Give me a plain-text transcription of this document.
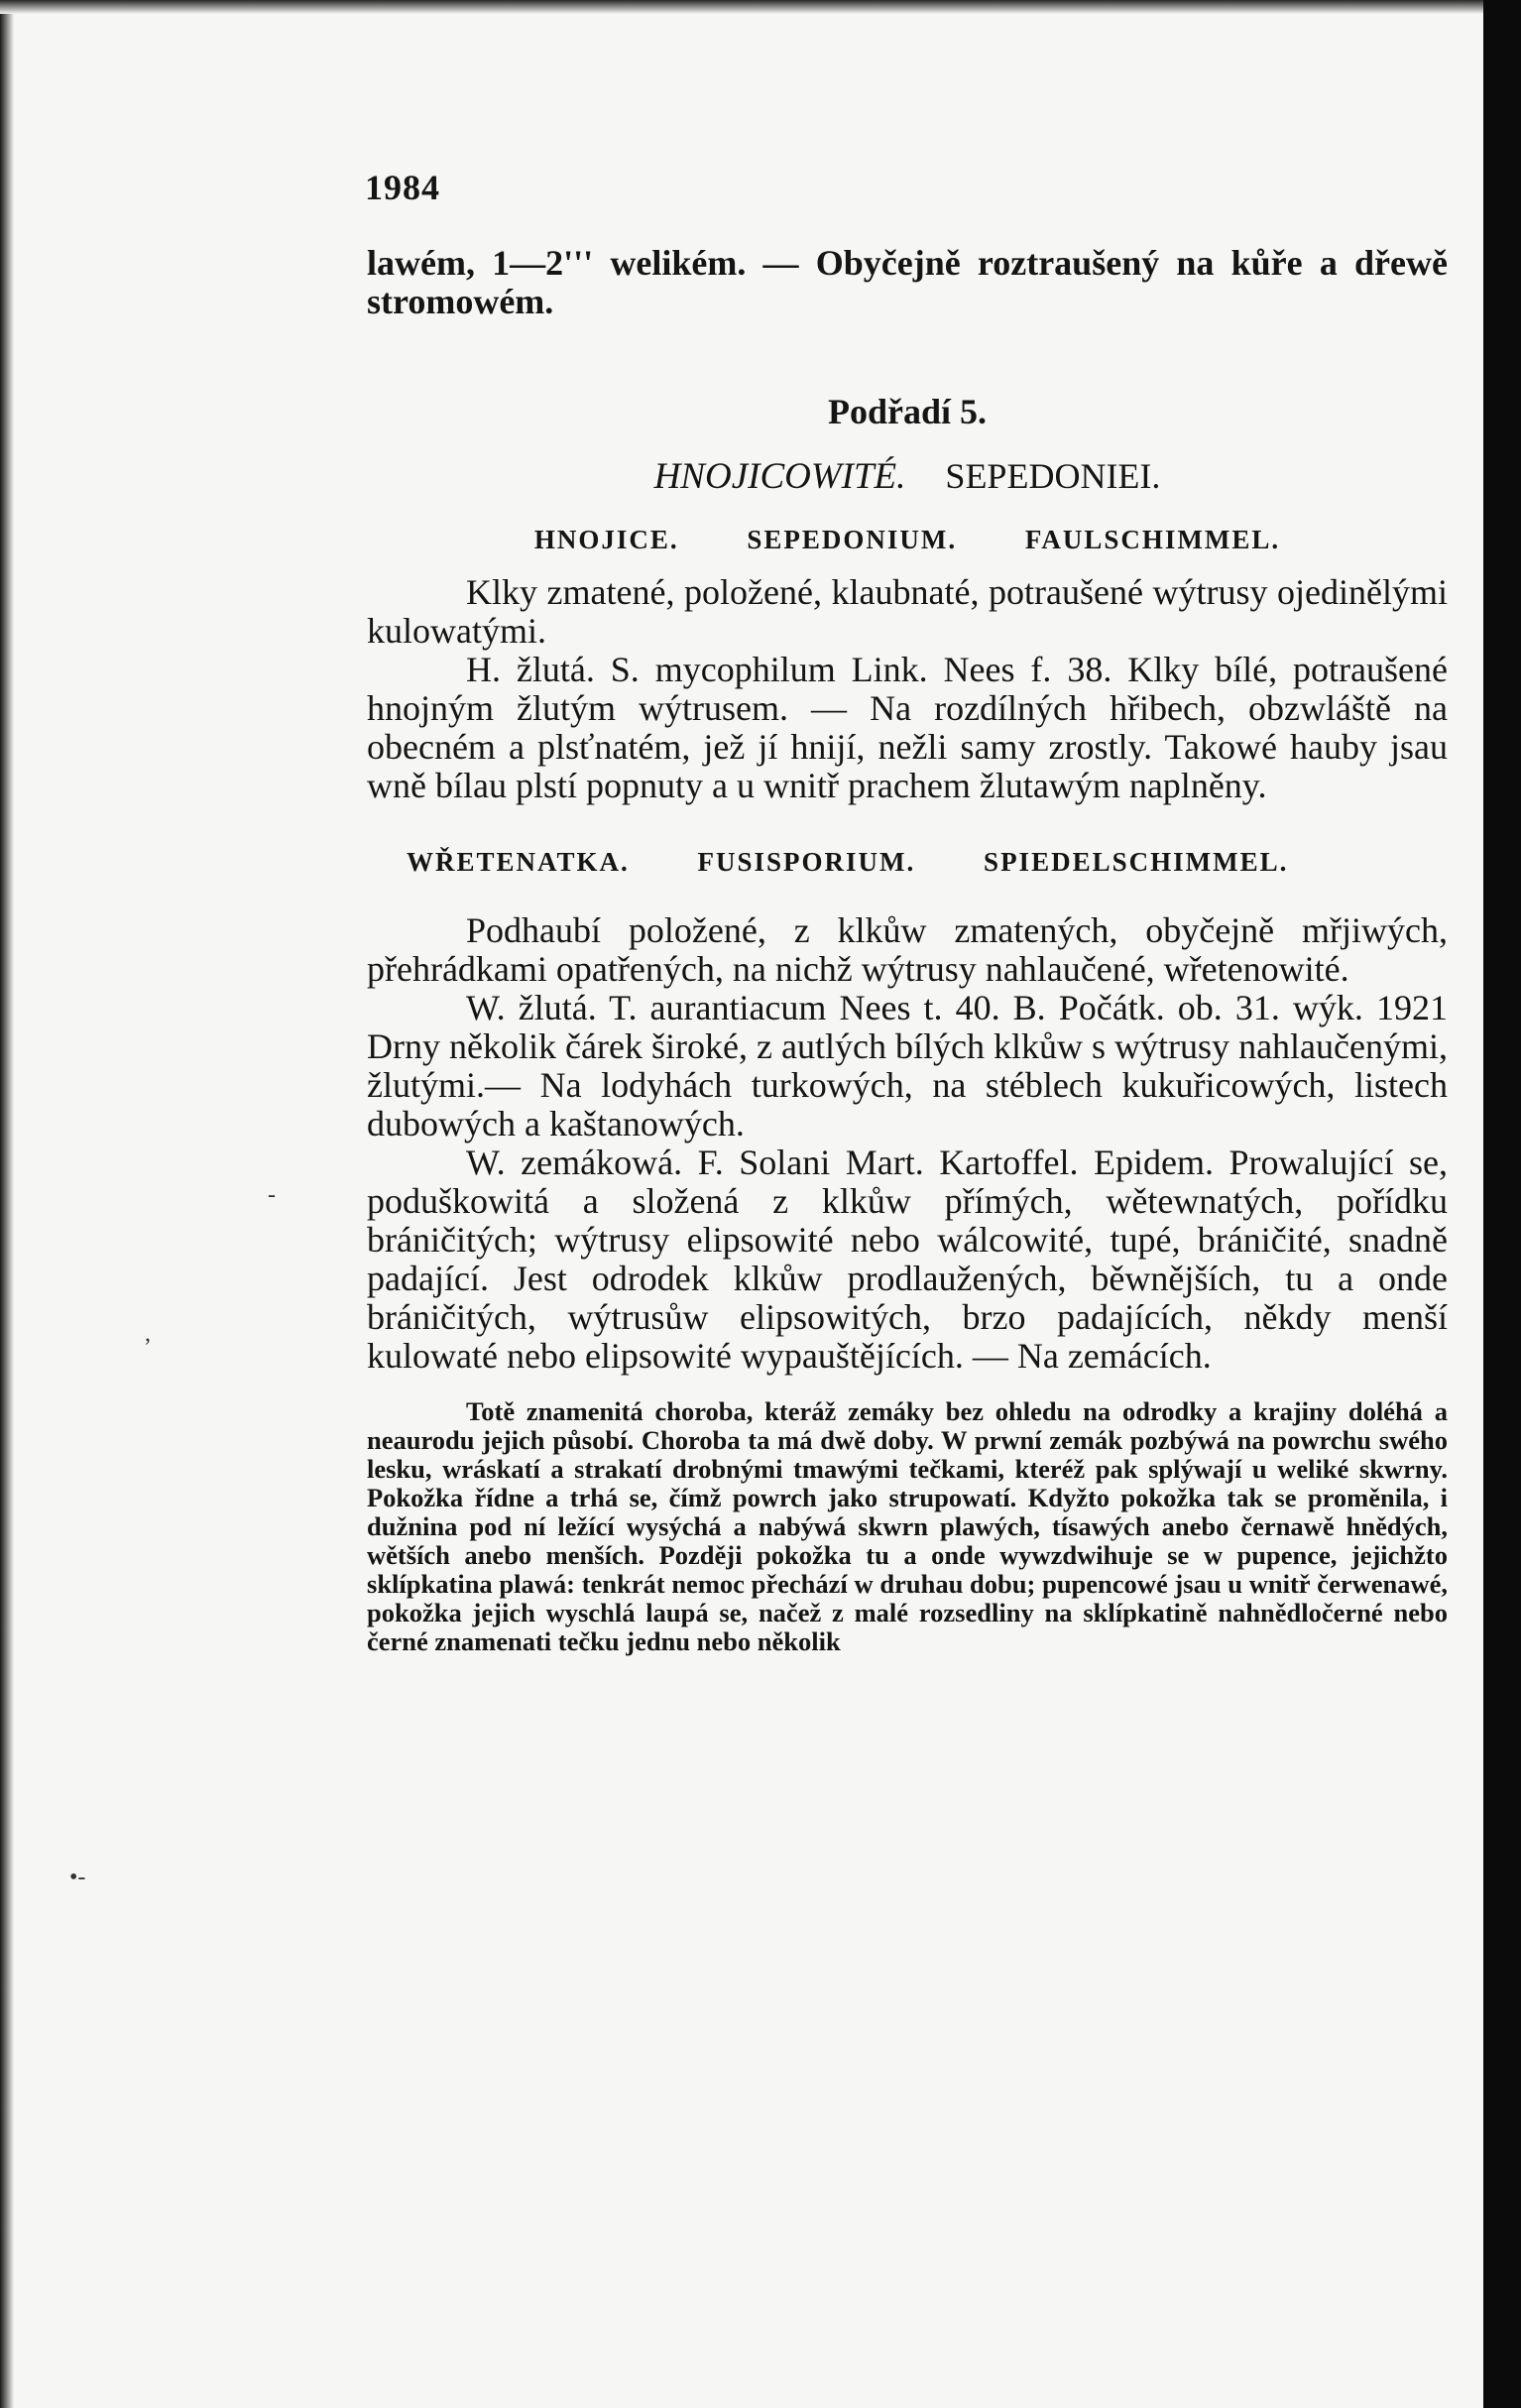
1984

lawém, 1—2''' welikém. — Obyčejně roztraušený na kůře a dřewě stromowém.

Podřadí 5.

HNOJICOWITÉ. SEPEDONIEI.

HNOJICE.	SEPEDONIUM.	FAULSCHIMMEL.

Klky zmatené, položené, klaubnaté, potraušené wýtrusy ojedinělými kulowatými.

H. žlutá. S. mycophilum Link. Nees f. 38. Klky bílé, potraušené hnojným žlutým wýtrusem. — Na rozdílných hřibech, obzwláště na obecném a plsťnatém, jež jí hnijí, nežli samy zrostly. Takowé hauby jsau wně bílau plstí popnuty a u wnitř prachem žlutawým naplněny.

WŘETENATKA.	FUSISPORIUM.	SPIEDELSCHIMMEL.

Podhaubí položené, z klkůw zmatených, obyčejně mřjiwých, přehrádkami opatřených, na nichž wýtrusy nahlaučené, wřetenowité.

W. žlutá. T. aurantiacum Nees t. 40. B. Počátk. ob. 31. wýk. 1921 Drny několik čárek široké, z autlých bílých klkůw s wýtrusy nahlaučenými, žlutými.— Na lodyhách turkowých, na stéblech kukuřicowých, listech dubowých a kaštanowých.

W. zemákowá. F. Solani Mart. Kartoffel. Epidem. Prowalující se, poduškowitá a složená z klkůw přímých, wětewnatých, pořídku bráničitých; wýtrusy elipsowité nebo wálcowité, tupé, bráničité, snadně padající. Jest odrodek klkůw prodlaužených, běwnějších, tu a onde bráničitých, wýtrusůw elipsowitých, brzo padajících, někdy menší kulowaté nebo elipsowité wypauštějících. — Na zemácích.

Totě znamenitá choroba, kteráž zemáky bez ohledu na odrodky a krajiny doléhá a neaurodu jejich působí. Choroba ta má dwě doby. W prwní zemák pozbýwá na powrchu swého lesku, wráskatí a strakatí drobnými tmawými tečkami, kteréž pak splýwají u weliké skwrny. Pokožka řídne a trhá se, čímž powrch jako strupowatí. Kdyžto pokožka tak se proměnila, i dužnina pod ní ležící wysýchá a nabýwá skwrn plawých, tísawých anebo černawě hnědých, wětších anebo menších. Později pokožka tu a onde wywzdwihuje se w pupence, jejichžto sklípkatina plawá: tenkrát nemoc přechází w druhau dobu; pupencowé jsau u wnitř čerwenawé, pokožka jejich wyschlá laupá se, načež z malé rozsedliny na sklípkatině nahnědločerné nebo černé znamenati tečku jednu nebo několik

-
,
•-
